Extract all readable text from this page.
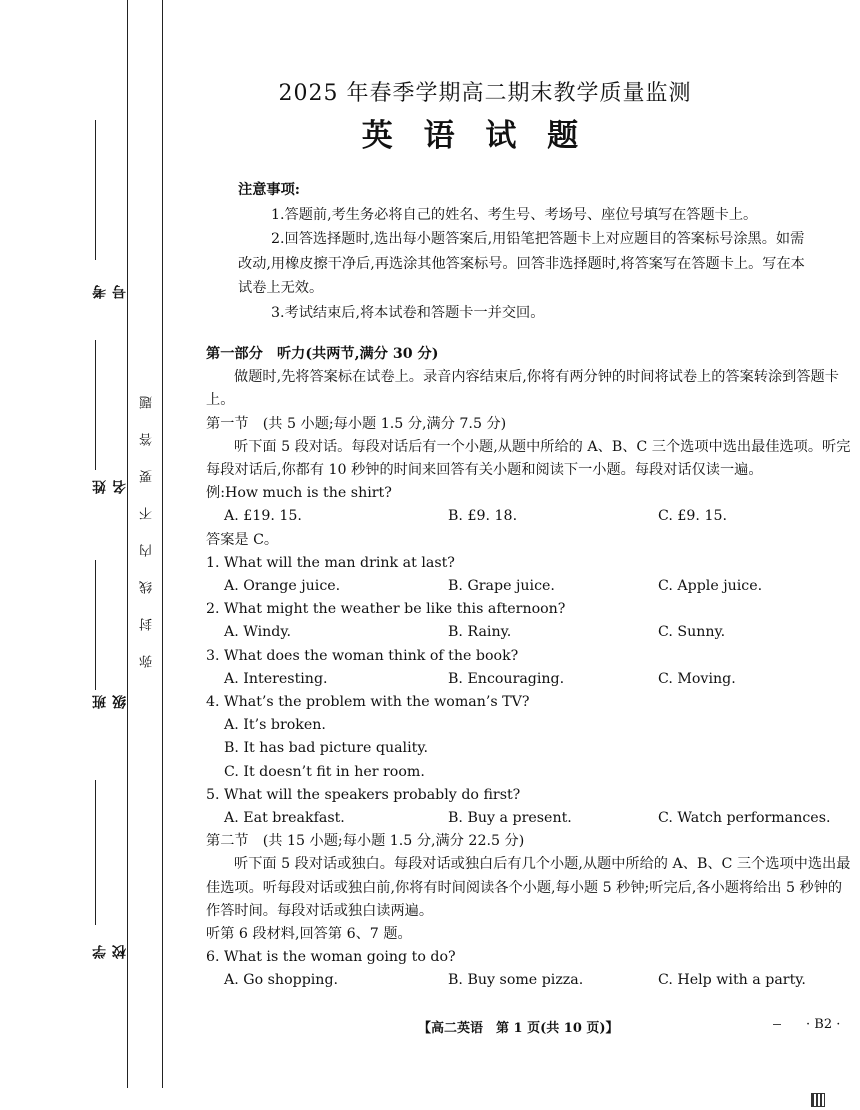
考号
姓名
班级
学校
弥封线内不要答题
2025 年春季学期高二期末教学质量监测
英 语 试 题
注意事项:
1.答题前,考生务必将自己的姓名、考生号、考场号、座位号填写在答题卡上。
2.回答选择题时,选出每小题答案后,用铅笔把答题卡上对应题目的答案标号涂黑。如需改动,用橡皮擦干净后,再选涂其他答案标号。回答非选择题时,将答案写在答题卡上。写在本试卷上无效。
3.考试结束后,将本试卷和答题卡一并交回。
第一部分　听力(共两节,满分 30 分)
做题时,先将答案标在试卷上。录音内容结束后,你将有两分钟的时间将试卷上的答案转涂到答题卡上。
第一节　(共 5 小题;每小题 1.5 分,满分 7.5 分)
听下面 5 段对话。每段对话后有一个小题,从题中所给的 A、B、C 三个选项中选出最佳选项。听完每段对话后,你都有 10 秒钟的时间来回答有关小题和阅读下一小题。每段对话仅读一遍。
例:How much is the shirt?
A. £19. 15.	B. £9. 18.	C. £9. 15.
答案是 C。
1. What will the man drink at last?
A. Orange juice.	B. Grape juice.	C. Apple juice.
2. What might the weather be like this afternoon?
A. Windy.	B. Rainy.	C. Sunny.
3. What does the woman think of the book?
A. Interesting.	B. Encouraging.	C. Moving.
4. What’s the problem with the woman’s TV?
A. It’s broken.
B. It has bad picture quality.
C. It doesn’t fit in her room.
5. What will the speakers probably do first?
A. Eat breakfast.	B. Buy a present.	C. Watch performances.
第二节　(共 15 小题;每小题 1.5 分,满分 22.5 分)
听下面 5 段对话或独白。每段对话或独白后有几个小题,从题中所给的 A、B、C 三个选项中选出最佳选项。听每段对话或独白前,你将有时间阅读各个小题,每小题 5 秒钟;听完后,各小题将给出 5 秒钟的作答时间。每段对话或独白读两遍。
听第 6 段材料,回答第 6、7 题。
6. What is the woman going to do?
A. Go shopping.	B. Buy some pizza.	C. Help with a party.
【高二英语　第 1 页(共 10 页)】	· B2 ·
